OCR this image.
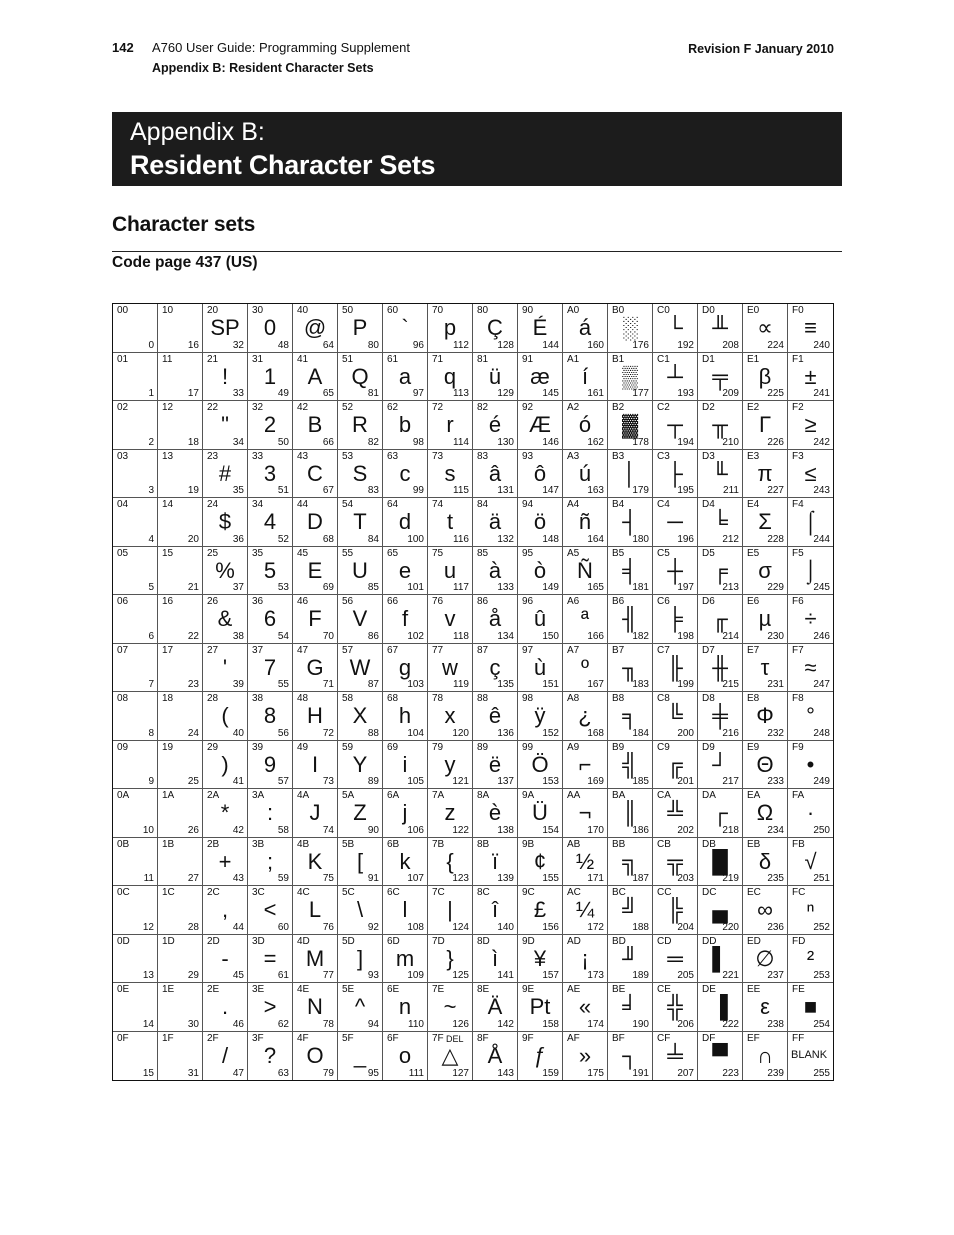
142 A760 User Guide: Programming Supplement
Appendix B: Resident Character Sets
Revision F January 2010
Appendix B:
Resident Character Sets
Character sets
Code page 437 (US)
00
0
10
16
20
SP
32
30
0
48
40
@
64
50
P
80
60
`
96
70
p
112
80
Ç
128
90
É
144
A0
á
160
B0
░
176
C0
└
192
D0
╨
208
E0
∝
224
F0
≡
240
01
1
11
17
21
!
33
31
1
49
41
A
65
51
Q
81
61
a
97
71
q
113
81
ü
129
91
æ
145
A1
í
161
B1
▒
177
C1
┴
193
D1
╤
209
E1
β
225
F1
±
241
02
2
12
18
22
"
34
32
2
50
42
B
66
52
R
82
62
b
98
72
r
114
82
é
130
92
Æ
146
A2
ó
162
B2
▓
178
C2
┬
194
D2
╥
210
E2
Γ
226
F2
≥
242
03
3
13
19
23
#
35
33
3
51
43
C
67
53
S
83
63
c
99
73
s
115
83
â
131
93
ô
147
A3
ú
163
B3
│
179
C3
├
195
D3
╙
211
E3
π
227
F3
≤
243
04
4
14
20
24
$
36
34
4
52
44
D
68
54
T
84
64
d
100
74
t
116
84
ä
132
94
ö
148
A4
ñ
164
B4
┤
180
C4
─
196
D4
╘
212
E4
Σ
228
F4
⌠
244
05
5
15
21
25
%
37
35
5
53
45
E
69
55
U
85
65
e
101
75
u
117
85
à
133
95
ò
149
A5
Ñ
165
B5
╡
181
C5
┼
197
D5
╒
213
E5
σ
229
F5
⌡
245
06
6
16
22
26
&
38
36
6
54
46
F
70
56
V
86
66
f
102
76
v
118
86
å
134
96
û
150
A6
ª
166
B6
╢
182
C6
╞
198
D6
╓
214
E6
µ
230
F6
÷
246
07
7
17
23
27
'
39
37
7
55
47
G
71
57
W
87
67
g
103
77
w
119
87
ç
135
97
ù
151
A7
º
167
B7
╖
183
C7
╟
199
D7
╫
215
E7
τ
231
F7
≈
247
08
8
18
24
28
(
40
38
8
56
48
H
72
58
X
88
68
h
104
78
x
120
88
ê
136
98
ÿ
152
A8
¿
168
B8
╕
184
C8
╚
200
D8
╪
216
E8
Φ
232
F8
°
248
09
9
19
25
29
)
41
39
9
57
49
I
73
59
Y
89
69
i
105
79
y
121
89
ë
137
99
Ö
153
A9
⌐
169
B9
╣
185
C9
╔
201
D9
┘
217
E9
Θ
233
F9
•
249
0A
10
1A
26
2A
*
42
3A
:
58
4A
J
74
5A
Z
90
6A
j
106
7A
z
122
8A
è
138
9A
Ü
154
AA
¬
170
BA
║
186
CA
╩
202
DA
┌
218
EA
Ω
234
FA
·
250
0B
11
1B
27
2B
+
43
3B
;
59
4B
K
75
5B
[
91
6B
k
107
7B
{
123
8B
ï
139
9B
¢
155
AB
½
171
BB
╗
187
CB
╦
203
DB
█
219
EB
δ
235
FB
√
251
0C
12
1C
28
2C
,
44
3C
<
60
4C
L
76
5C
\
92
6C
l
108
7C
|
124
8C
î
140
9C
£
156
AC
¼
172
BC
╝
188
CC
╠
204
DC
▄
220
EC
∞
236
FC
ⁿ
252
0D
13
1D
29
2D
-
45
3D
=
61
4D
M
77
5D
]
93
6D
m
109
7D
}
125
8D
ì
141
9D
¥
157
AD
¡
173
BD
╜
189
CD
═
205
DD
▌
221
ED
∅
237
FD
²
253
0E
14
1E
30
2E
.
46
3E
>
62
4E
N
78
5E
^
94
6E
n
110
7E
~
126
8E
Ä
142
9E
Pt
158
AE
«
174
BE
╛
190
CE
╬
206
DE
▐
222
EE
ε
238
FE
■
254
0F
15
1F
31
2F
/
47
3F
?
63
4F
O
79
5F
_
95
6F
o
111
7F
△
DEL
127
8F
Å
143
9F
ƒ
159
AF
»
175
BF
┐
191
CF
╧
207
DF
▀
223
EF
∩
239
FF
BLANK
255
